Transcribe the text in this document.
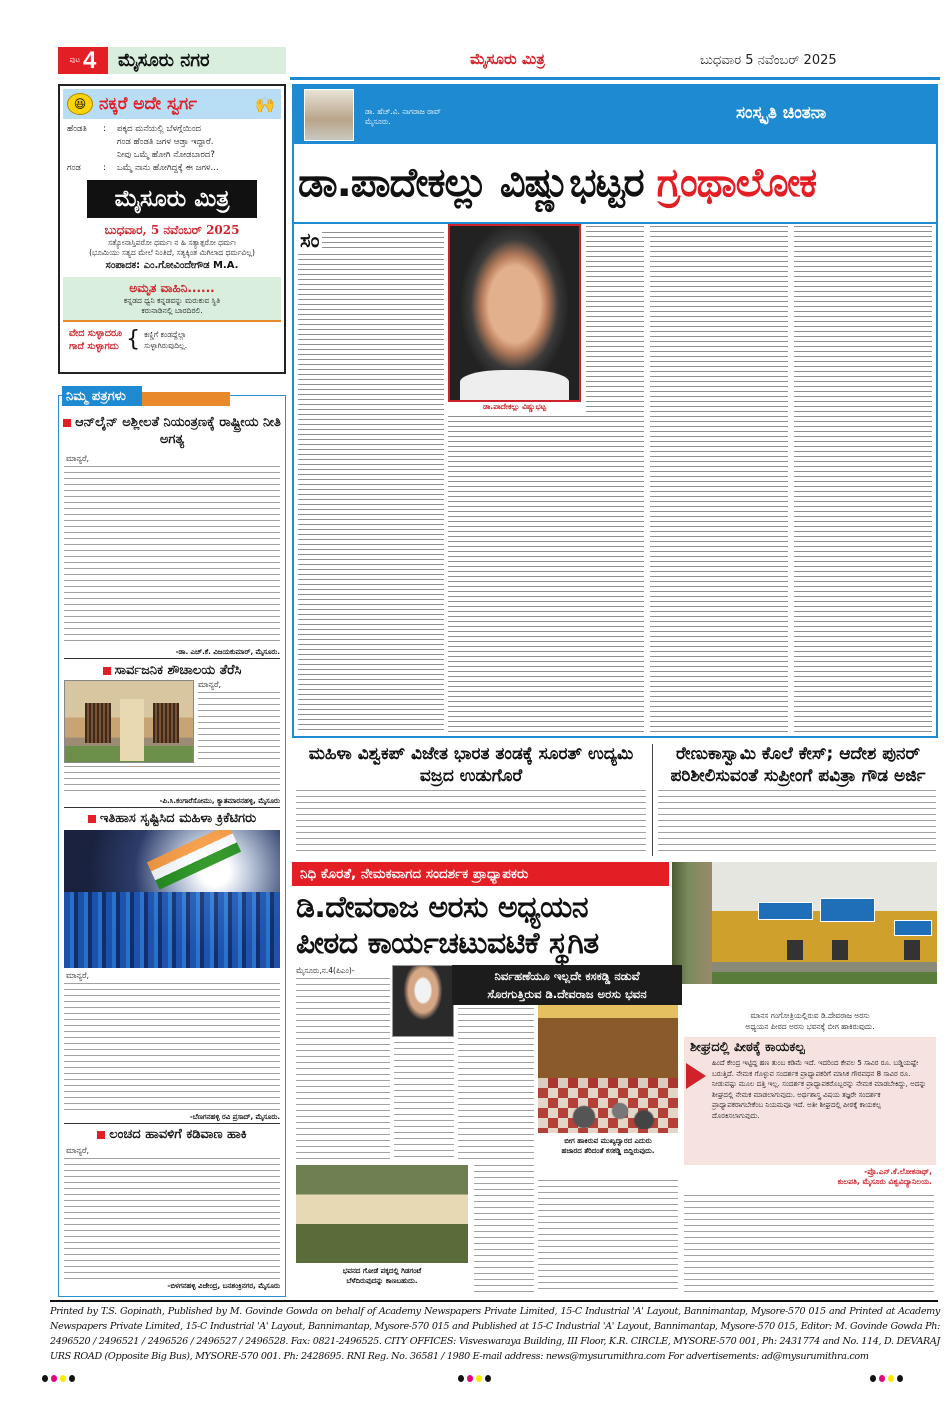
ಪುಟ 4	ಮೈಸೂರು ನಗರ	ಮೈಸೂರು ಮಿತ್ರ	ಬುಧವಾರ 5 ನವೆಂಬರ್ 2025
😆 ನಕ್ಕರೆ ಅದೇ ಸ್ವರ್ಗ	🙌
ಹೆಂಡತಿ	:	ಪಕ್ಕದ ಮನೆಯಲ್ಲಿ ಬೆಳಗ್ಗೆಯಿಂದ
ಗಂಡ ಹೆಂಡತಿ ಜಗಳ ಆಡ್ತಾ ಇದ್ದಾರೆ.
ನೀವು ಒಮ್ಮೆ ಹೋಗಿ ನೋಡಬಾರದ?
ಗಂಡ	:	ಒಮ್ಮೆ ನಾನು ಹೋಗಿದ್ದಕ್ಕೆ ಈ ಜಗಳ...
ಮೈಸೂರು ಮಿತ್ರ
ಬುಧವಾರ, 5 ನವೆಂಬರ್ 2025
ಸತ್ಯೋನಾಸ್ತಿಪರೋ ಧರ್ಮಃ ನ ಹಿ ಸತ್ಯಾತ್ಪರೋ ಧರ್ಮಃ
(ಭೂಮಿಯು ಸತ್ಯದ ಮೇಲೆ ನಿಂತಿದೆ, ಸತ್ಯಕ್ಕಿಂತ ಮಿಗಿಲಾದ ಧರ್ಮವಿಲ್ಲ)
ಸಂಪಾದಕ: ಎಂ.ಗೋವಿಂದೇಗೌಡ M.A.
ಅಮೃತ ವಾಹಿನಿ......
ಕನ್ನಡದ ಧ್ವನಿ ಕನ್ನಡವನ್ನು ಮರುಕುವ ಸ್ಥಿತಿ
ಕರುನಾಡಿನಲ್ಲಿ ಬಾರದಿರಲಿ.
ವೇದ ಸುಳ್ಳಾದರೂ
ಗಾದೆ ಸುಳ್ಳಾಗದು { ಕಣ್ಣಿಗೆ ಕಂಡದ್ದೆಲ್ಲಾ
ಸುಳ್ಳಾಗಿರುವುದಿಲ್ಲ.
ನಿಮ್ಮ ಪತ್ರಗಳು
ಆನ್‌ಲೈನ್ ಅಶ್ಲೀಲತೆ ನಿಯಂತ್ರಣಕ್ಕೆ ರಾಷ್ಟ್ರೀಯ ನೀತಿ ಅಗತ್ಯ
ಮಾನ್ಯರೆ,
-ಡಾ. ಎಚ್.ಕೆ. ವಿಜಯಕುಮಾರ್, ಮೈಸೂರು.
ಸಾರ್ವಜನಿಕ ಶೌಚಾಲಯ ತೆರೆಸಿ
ಮಾನ್ಯರೆ,
-ಪಿ.ಸಿ.ಕಂಗಾರೆಸೋಮು, ಕ್ಯಾತಮಾರನಹಳ್ಳಿ, ಮೈಸೂರು
ಇತಿಹಾಸ ಸೃಷ್ಟಿಸಿದ ಮಹಿಳಾ ಕ್ರಿಕೆಟಿಗರು
ಮಾನ್ಯರೆ,
-ಬೆಣಗನಹಳ್ಳಿ ರವಿ ಪ್ರಸಾದ್, ಮೈಸೂರು.
ಲಂಚದ ಹಾವಳಿಗೆ ಕಡಿವಾಣ ಹಾಕಿ
ಮಾನ್ಯರೆ,
-ಬಿಳಗನಹಳ್ಳಿ ವಿಜೇಂದ್ರ, ಬನಶಂಕ್ರಿನಗರ, ಮೈಸೂರು
ಡಾ. ಹೆಚ್.ವಿ. ನಾಗರಾಜ ರಾವ್
ಮೈಸೂರು.	ಸಂಸ್ಕೃತಿ ಚಿಂತನಾ
ಡಾ.ಪಾದೇಕಲ್ಲು ವಿಷ್ಣುಭಟ್ಟರ ಗ್ರಂಥಾಲೋಕ
ಸಂ
ಡಾ.ಪಾದೇಕಲ್ಲು ವಿಷ್ಣುಭಟ್ಟ
ಮಹಿಳಾ ವಿಶ್ವಕಪ್ ವಿಜೇತ ಭಾರತ ತಂಡಕ್ಕೆ ಸೂರತ್ ಉದ್ಯಮಿ ವಜ್ರದ ಉಡುಗೊರೆ
ರೇಣುಕಾಸ್ವಾಮಿ ಕೊಲೆ ಕೇಸ್; ಆದೇಶ ಪುನರ್ ಪರಿಶೀಲಿಸುವಂತೆ ಸುಪ್ರೀಂಗೆ ಪವಿತ್ರಾ ಗೌಡ ಅರ್ಜಿ
ನಿಧಿ ಕೊರತೆ, ನೇಮಕವಾಗದ ಸಂದರ್ಶಕ ಪ್ರಾಧ್ಯಾಪಕರು
ಡಿ.ದೇವರಾಜ ಅರಸು ಅಧ್ಯಯನ
ಪೀಠದ ಕಾರ್ಯಚಟುವಟಿಕೆ ಸ್ಥಗಿತ
ಮಾನಸ ಗಂಗೋತ್ರಿಯಲ್ಲಿರುವ ಡಿ.ದೇವರಾಜ ಅರಸು
ಅಧ್ಯಯನ ಪೀಠದ ಅರಸು ಭವನಕ್ಕೆ ಬೀಗ ಹಾಕಿರುವುದು.
ಮೈಸೂರು,ನ.4(ಪಿಎಂ)-	ನಿರ್ವಹಣೆಯೂ ಇಲ್ಲದೇ ಕಸಕಡ್ಡಿ ನಡುವೆ
ಸೊರಗುತ್ತಿರುವ ಡಿ.ದೇವರಾಜ ಅರಸು ಭವನ
ಬೀಗ ಹಾಕಿರುವ ಮುಖ್ಯದ್ವಾರದ ಎದುರು
ಹಜಾರದ ತೆರಿದಂತೆ ಕಸಕಡ್ಡಿ ಬಿದ್ದಿರುವುದು.
ಶೀಘ್ರದಲ್ಲಿ ಪೀಠಕ್ಕೆ ಕಾಯಕಲ್ಪ
ಹಿಂದೆ ಕೇಂದ್ರ ಇಟ್ಟಿದ್ದ ಹಣ ತುಂಬ ಕಡಿಮೆ ಇದೆ. ಇದರಿಂದ ಕೇವಲ 5 ಸಾವಿರ ರೂ. ಬಡ್ಡಿಯಷ್ಟೇ ಬರುತ್ತಿದೆ. ನೇಮಕ ಗೊಳ್ಳುವ ಸಂದರ್ಶಕ ಪ್ರಾಧ್ಯಾಪಕರಿಗೆ ಮಾಸಿಕ ಗೌರವಧನ 8 ಸಾವಿರ ರೂ. ನೀಡುವಷ್ಟು ಮೂಲ ದತ್ತಿ ಇಲ್ಲ. ಸಂದರ್ಶಕ ಪ್ರಾಧ್ಯಾಪಕರೊಬ್ಬರನ್ನು ನೇಮಕ ಮಾಡಬೇಕಿದ್ದು, ಅದನ್ನು ಶೀಘ್ರದಲ್ಲಿ ನೇಮಕ ಮಾಡಲಾಗುವುದು. ಅರ್ಥಶಾಸ್ತ್ರ ವಿಷಯ ತಜ್ಞರೇ ಸಂದರ್ಶಕ ಪ್ರಾಧ್ಯಾಪಕರಾಗಬೇಕೆಂಬ ನಿಯಮವೂ ಇದೆ. ಅತೀ ಶೀಘ್ರದಲ್ಲಿ ಪೀಠಕ್ಕೆ ಕಾಯಕಲ್ಪ ದೊರಕಿಸಲಾಗುವುದು.
-ಪ್ರೊ.ಎನ್.ಕೆ.ಲೋಕನಾಥ್,
ಕುಲಪತಿ, ಮೈಸೂರು ವಿಶ್ವವಿದ್ಯಾನಿಲಯ.
ಭವನದ ಗೋಡೆ ಪಕ್ಕದಲ್ಲಿ ಗಿಡಗಂಟೆ
ಬೆಳೆದಿರುವುದನ್ನು ಕಾಣಬಹುದು.
Printed by T.S. Gopinath, Published by M. Govinde Gowda on behalf of Academy Newspapers Private Limited, 15-C Industrial 'A' Layout, Bannimantap, Mysore-570 015 and Printed at Academy Newspapers Private Limited, 15-C Industrial 'A' Layout, Bannimantap, Mysore-570 015 and Published at 15-C Industrial 'A' Layout, Bannimantap, Mysore-570 015, Editor: M. Govinde Gowda Ph: 2496520 / 2496521 / 2496526 / 2496527 / 2496528. Fax: 0821-2496525. CITY OFFICES: Visveswaraya Building, III Floor, K.R. CIRCLE, MYSORE-570 001, Ph: 2431774 and No. 114, D. DEVARAJ URS ROAD (Opposite Big Bus), MYSORE-570 001. Ph: 2428695. RNI Reg. No. 36581 / 1980 E-mail address: news@mysurumithra.com For advertisements: ad@mysurumithra.com
